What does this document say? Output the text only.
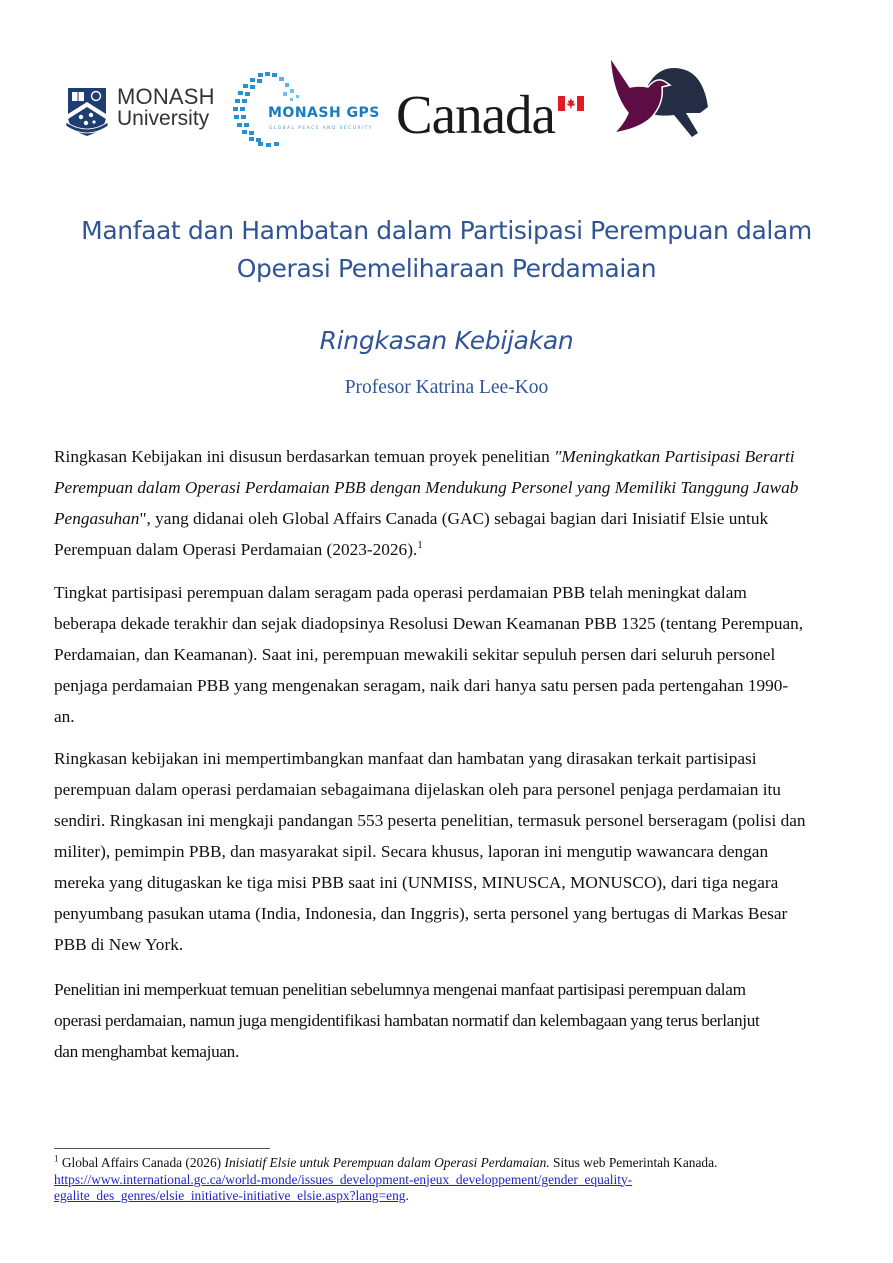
MONASH
University	MONASH GPS
GLOBAL PEACE AND SECURITY Canada
Manfaat dan Hambatan dalam Partisipasi Perempuan dalam
Operasi Pemeliharaan Perdamaian
Ringkasan Kebijakan
Profesor Katrina Lee-Koo
Ringkasan Kebijakan ini disusun berdasarkan temuan proyek penelitian "Meningkatkan Partisipasi Berarti
Perempuan dalam Operasi Perdamaian PBB dengan Mendukung Personel yang Memiliki Tanggung Jawab
Pengasuhan", yang didanai oleh Global Affairs Canada (GAC) sebagai bagian dari Inisiatif Elsie untuk
Perempuan dalam Operasi Perdamaian (2023-2026).$^1$
Tingkat partisipasi perempuan dalam seragam pada operasi perdamaian PBB telah meningkat dalam
beberapa dekade terakhir dan sejak diadopsinya Resolusi Dewan Keamanan PBB 1325 (tentang Perempuan,
Perdamaian, dan Keamanan). Saat ini, perempuan mewakili sekitar sepuluh persen dari seluruh personel
penjaga perdamaian PBB yang mengenakan seragam, naik dari hanya satu persen pada pertengahan 1990-
an.
Ringkasan kebijakan ini mempertimbangkan manfaat dan hambatan yang dirasakan terkait partisipasi
perempuan dalam operasi perdamaian sebagaimana dijelaskan oleh para personel penjaga perdamaian itu
sendiri. Ringkasan ini mengkaji pandangan 553 peserta penelitian, termasuk personel berseragam (polisi dan
militer), pemimpin PBB, dan masyarakat sipil. Secara khusus, laporan ini mengutip wawancara dengan
mereka yang ditugaskan ke tiga misi PBB saat ini (UNMISS, MINUSCA, MONUSCO), dari tiga negara
penyumbang pasukan utama (India, Indonesia, dan Inggris), serta personel yang bertugas di Markas Besar
PBB di New York.
Penelitian ini memperkuat temuan penelitian sebelumnya mengenai manfaat partisipasi perempuan dalam
operasi perdamaian, namun juga mengidentifikasi hambatan normatif dan kelembagaan yang terus berlanjut
dan menghambat kemajuan.
$^1$ Global Affairs Canada (2026) Inisiatif Elsie untuk Perempuan dalam Operasi Perdamaian. Situs web Pemerintah Kanada.
https://www.international.gc.ca/world-monde/issues_development-enjeux_developpement/gender_equality-
egalite_des_genres/elsie_initiative-initiative_elsie.aspx?lang=eng.
